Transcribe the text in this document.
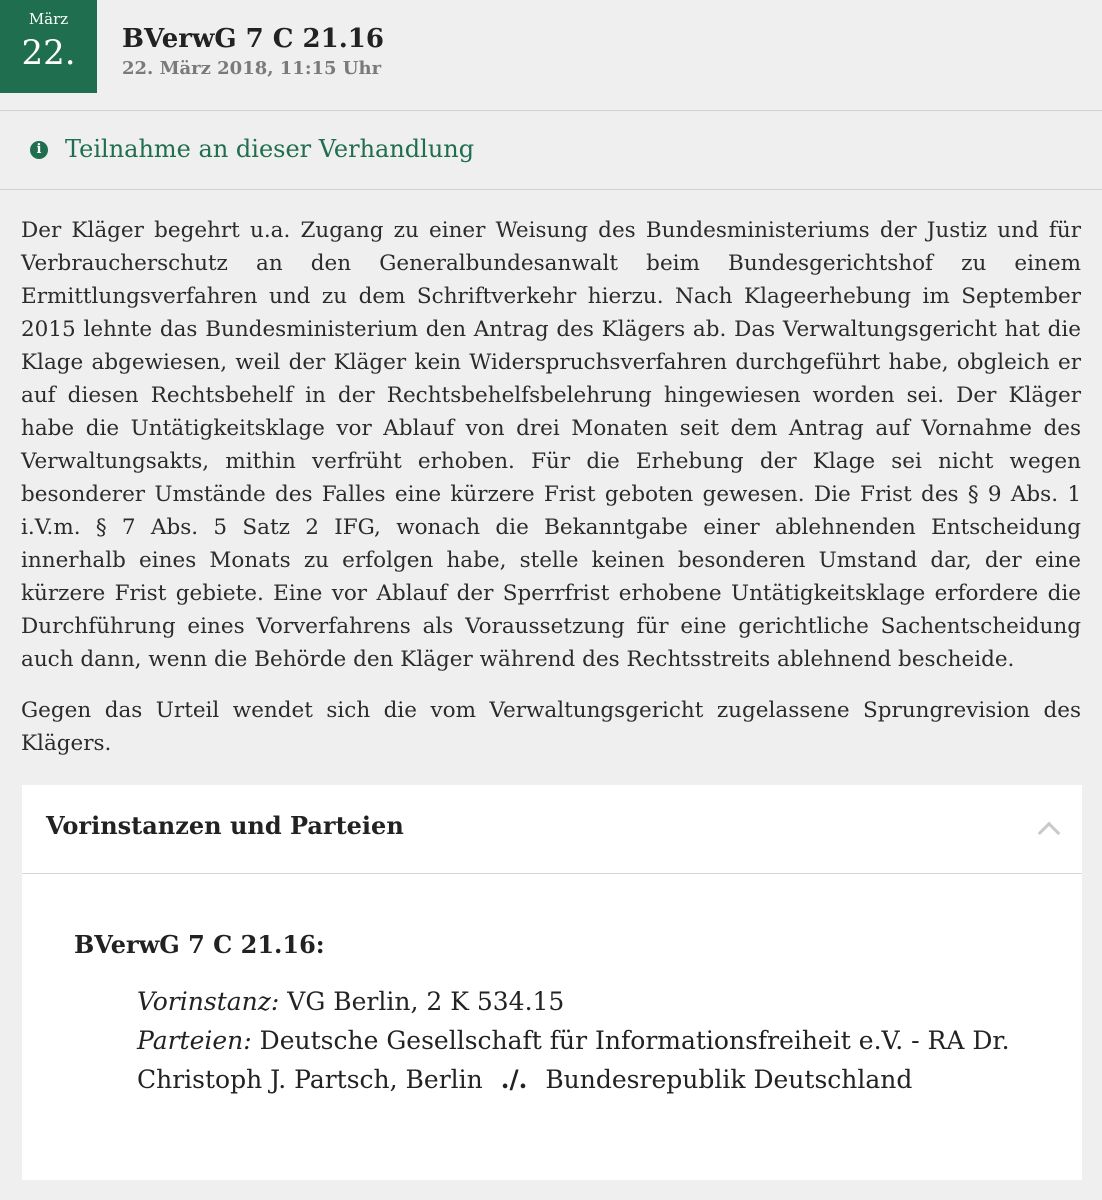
März
22.	BVerwG 7 C 21.16
22. März 2018, 11:15 Uhr
i Teilnahme an dieser Verhandlung

Der Kläger begehrt u.a. Zugang zu einer Weisung des Bundesministeriums der Justiz und für Verbraucherschutz an den Generalbundesanwalt beim Bundesgerichtshof zu einem Ermittlungsverfahren und zu dem Schriftverkehr hierzu. Nach Klageerhebung im September 2015 lehnte das Bundesministerium den Antrag des Klägers ab. Das Verwaltungsgericht hat die Klage abgewiesen, weil der Kläger kein Widerspruchsverfahren durchgeführt habe, obgleich er auf diesen Rechtsbehelf in der Rechtsbehelfsbelehrung hingewiesen worden sei. Der Kläger habe die Untätigkeitsklage vor Ablauf von drei Monaten seit dem Antrag auf Vornahme des Verwaltungsakts, mithin verfrüht erhoben. Für die Erhebung der Klage sei nicht wegen besonderer Umstände des Falles eine kürzere Frist geboten gewesen. Die Frist des § 9 Abs. 1 i.V.m. § 7 Abs. 5 Satz 2 IFG, wonach die Bekanntgabe einer ablehnenden Entscheidung innerhalb eines Monats zu erfolgen habe, stelle keinen besonderen Umstand dar, der eine kürzere Frist gebiete. Eine vor Ablauf der Sperrfrist erhobene Untätigkeitsklage erfordere die Durchführung eines Vorverfahrens als Voraussetzung für eine gerichtliche Sachentscheidung auch dann, wenn die Behörde den Kläger während des Rechtsstreits ablehnend bescheide.

Gegen das Urteil wendet sich die vom Verwaltungsgericht zugelassene Sprungrevision des Klägers.

Vorinstanzen und Parteien
BVerwG 7 C 21.16:
Vorinstanz: VG Berlin, 2 K 534.15
Parteien: Deutsche Gesellschaft für Informationsfreiheit e.V. - RA Dr. Christoph J. Partsch, Berlin ./. Bundesrepublik Deutschland
